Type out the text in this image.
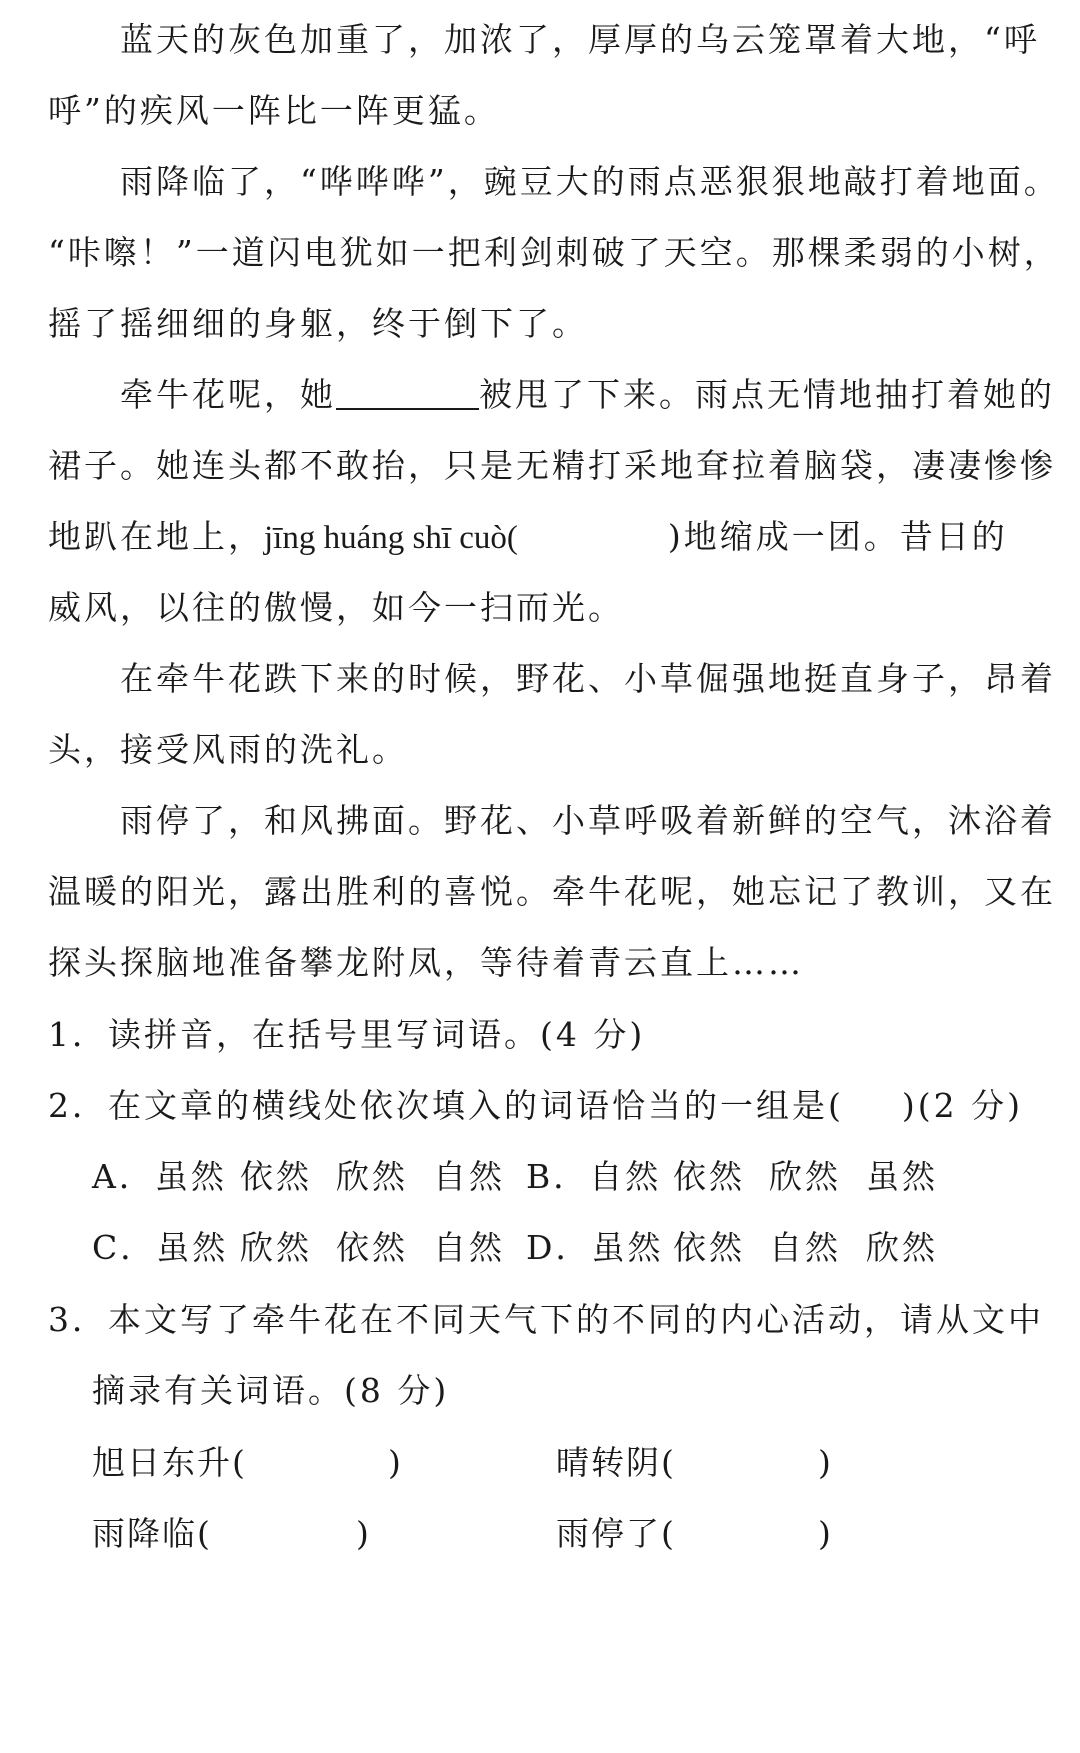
蓝天的灰色加重了，加浓了，厚厚的乌云笼罩着大地，“呼
呼”的疾风一阵比一阵更猛。
雨降临了，“哗哗哗”，豌豆大的雨点恶狠狠地敲打着地面。
“咔嚓！”一道闪电犹如一把利剑刺破了天空。那棵柔弱的小树，
摇了摇细细的身躯，终于倒下了。
牵牛花呢，她	被甩了下来。雨点无情地抽打着她的
裙子。她连头都不敢抬，只是无精打采地耷拉着脑袋，凄凄惨惨
地趴在地上，jīng huáng shī cuò(	)地缩成一团。昔日的
威风，以往的傲慢，如今一扫而光。
在牵牛花跌下来的时候，野花、小草倔强地挺直身子，昂着
头，接受风雨的洗礼。
雨停了，和风拂面。野花、小草呼吸着新鲜的空气，沐浴着
温暖的阳光，露出胜利的喜悦。牵牛花呢，她忘记了教训，又在
探头探脑地准备攀龙附凤，等待着青云直上……
1．读拼音，在括号里写词语。(4 分)
2．在文章的横线处依次填入的词语恰当的一组是( )(2 分)
A．虽然 依然 欣然 自然 B．自然 依然 欣然 虽然
C．虽然 欣然 依然 自然 D．虽然 依然 自然 欣然
3．本文写了牵牛花在不同天气下的不同的内心活动，请从文中
摘录有关词语。(8 分)
旭日东升(	)	晴转阴(	)
雨降临(	)	雨停了(	)
